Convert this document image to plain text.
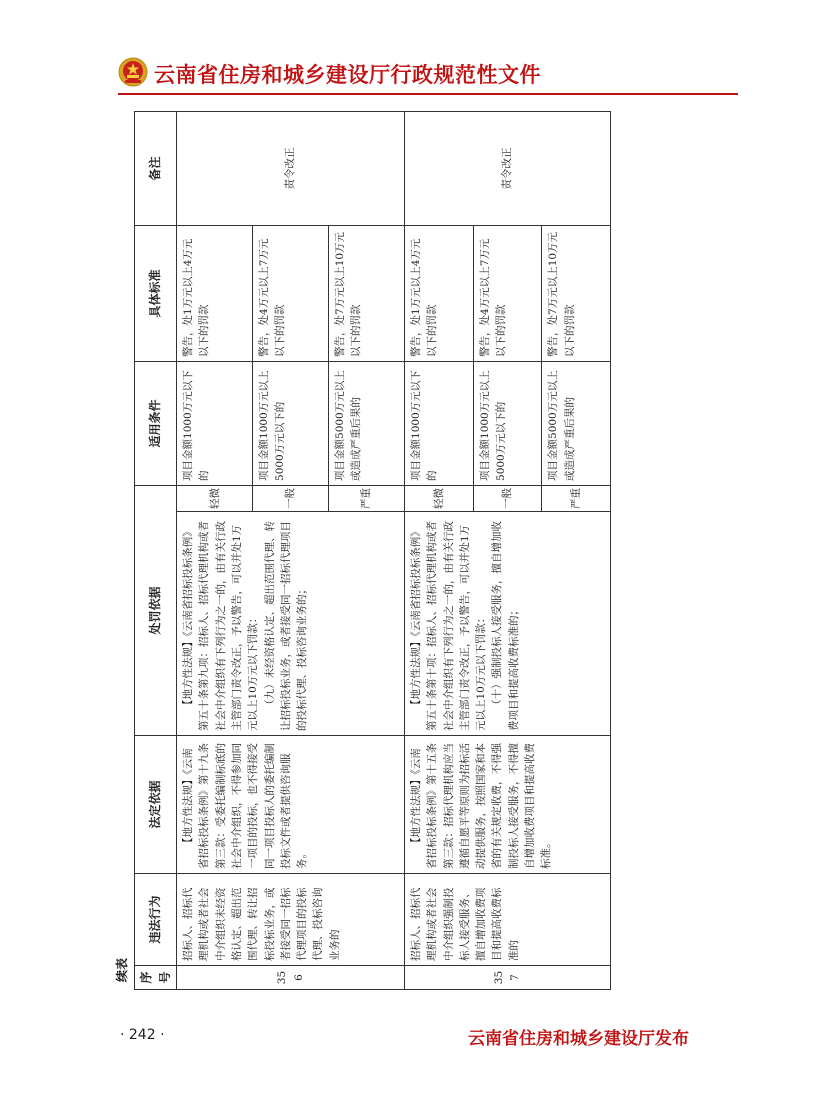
云南省住房和城乡建设厅行政规范性文件
续表 序号	违法行为	法定依据	处罚依据		适用条件	具体标准	备注
356	招标人、招标代理机构或者社会中介组织未经资格认定、超出范围代理、转让招标投标业务，或者接受同一招标代理项目的投标代理、投标咨询业务的	【地方性法规】《云南省招标投标条例》第十九条第三款：受委托编制标底的社会中介组织，不得参加同一项目的投标，也不得接受同一项目投标人的委托编制投标文件或者提供咨询服务。	【地方性法规】《云南省招标投标条例》第五十条第九项：招标人、招标代理机构或者社会中介组织有下列行为之一的，由有关行政主管部门责令改正，予以警告，可以并处1万元以上10万元以下罚款： （九）未经资格认定、超出范围代理、转让招标投标业务，或者接受同一招标代理项目的投标代理、投标咨询业务的；	轻微	项目金额1000万元以下的	警告，处1万元以上4万元以下的罚款	责令改正
				一般	项目金额1000万元以上5000万元以下的	警告，处4万元以上7万元以下的罚款	
				严重	项目金额5000万元以上或造成严重后果的	警告，处7万元以上10万元以下的罚款	
357	招标人、招标代理机构或者社会中介组织强制投标人接受服务、擅自增加收费项目和提高收费标准的	【地方性法规】《云南省招标投标条例》第十五条第三款：招标代理机构应当遵循自愿平等原则为招标活动提供服务，按照国家和本省的有关规定收费，不得强制投标人接受服务，不得擅自增加收费项目和提高收费标准。	【地方性法规】《云南省招标投标条例》第五十条第十项：招标人、招标代理机构或者社会中介组织有下列行为之一的，由有关行政主管部门责令改正，予以警告，可以并处1万元以上10万元以下罚款： （十）强制投标人接受服务，擅自增加收费项目和提高收费标准的；	轻微	项目金额1000万元以下的	警告，处1万元以上4万元以下的罚款	责令改正
				一般	项目金额1000万元以上5000万元以下的	警告，处4万元以上7万元以下的罚款	
				严重	项目金额5000万元以上或造成严重后果的	警告，处7万元以上10万元以下的罚款	
· 242 ·	云南省住房和城乡建设厅发布
